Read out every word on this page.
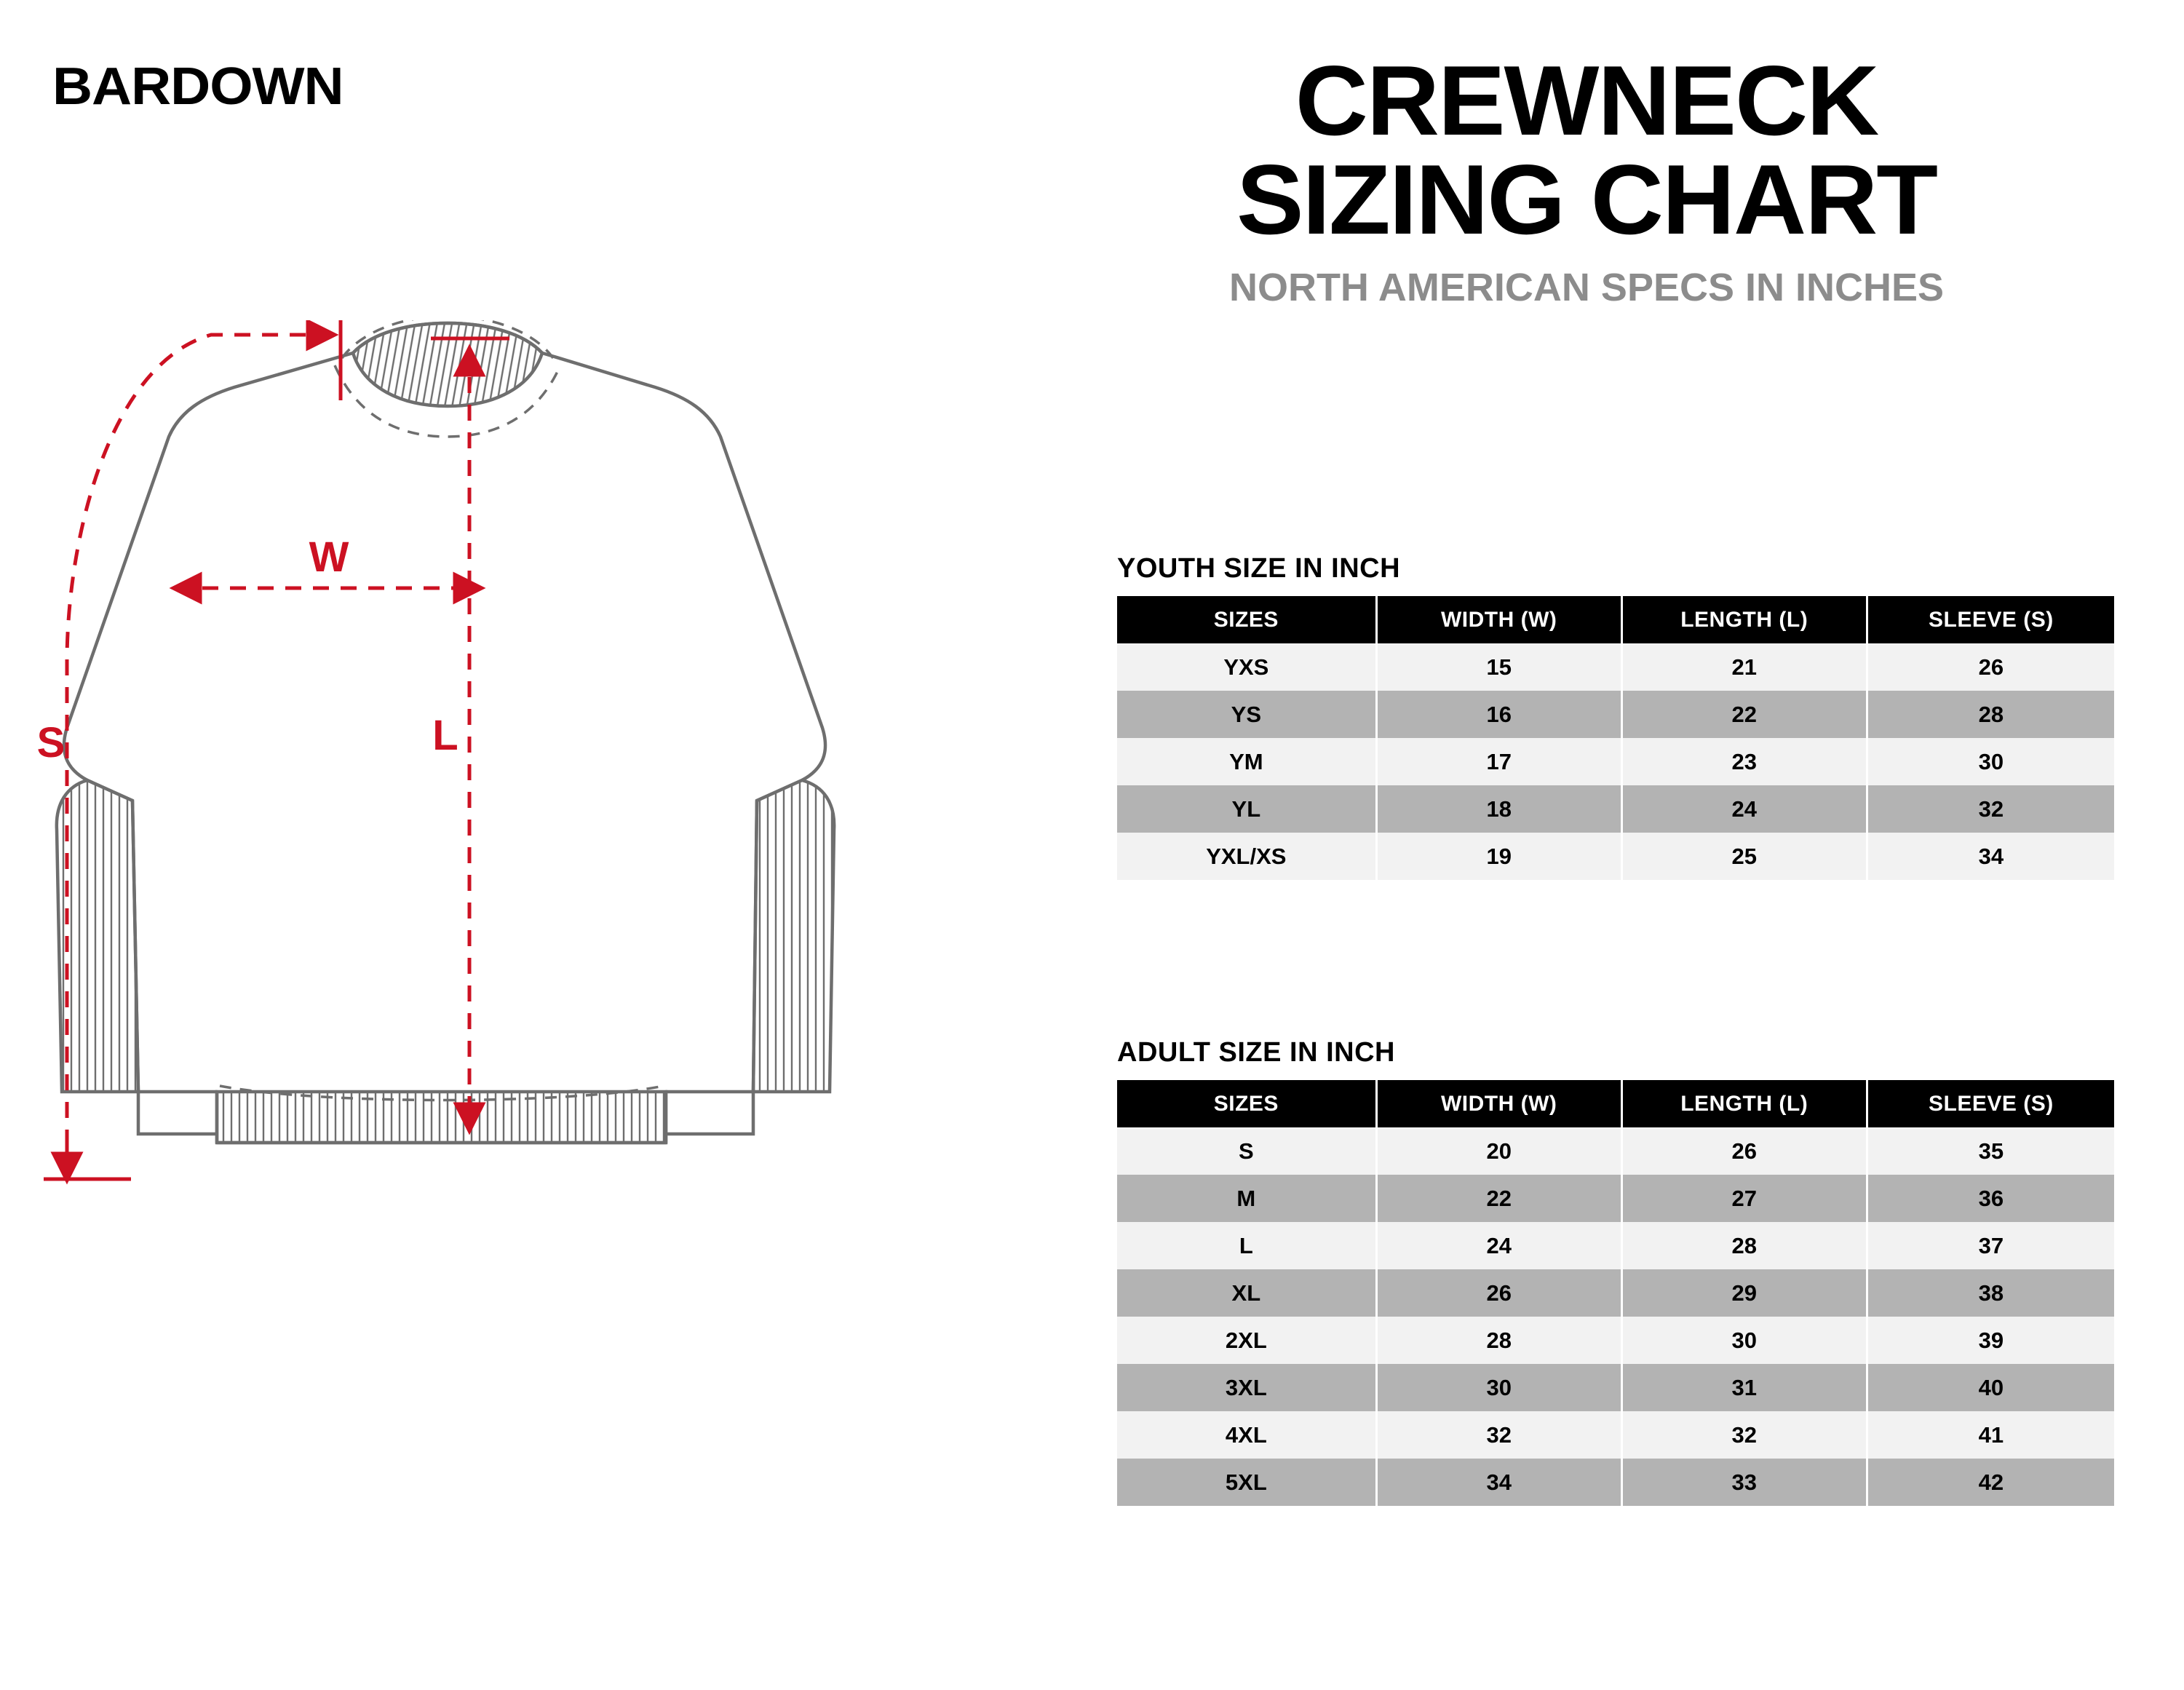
BARDOWN	CREWNECK
SIZING CHART
NORTH AMERICAN SPECS IN INCHES
S
W
L
YOUTH SIZE IN INCH
SIZES	WIDTH (W)	LENGTH (L)	SLEEVE (S)
YXS	15	21	26
YS	16	22	28
YM	17	23	30
YL	18	24	32
YXL/XS	19	25	34
ADULT SIZE IN INCH
SIZES	WIDTH (W)	LENGTH (L)	SLEEVE (S)
S	20	26	35
M	22	27	36
L	24	28	37
XL	26	29	38
2XL	28	30	39
3XL	30	31	40
4XL	32	32	41
5XL	34	33	42
